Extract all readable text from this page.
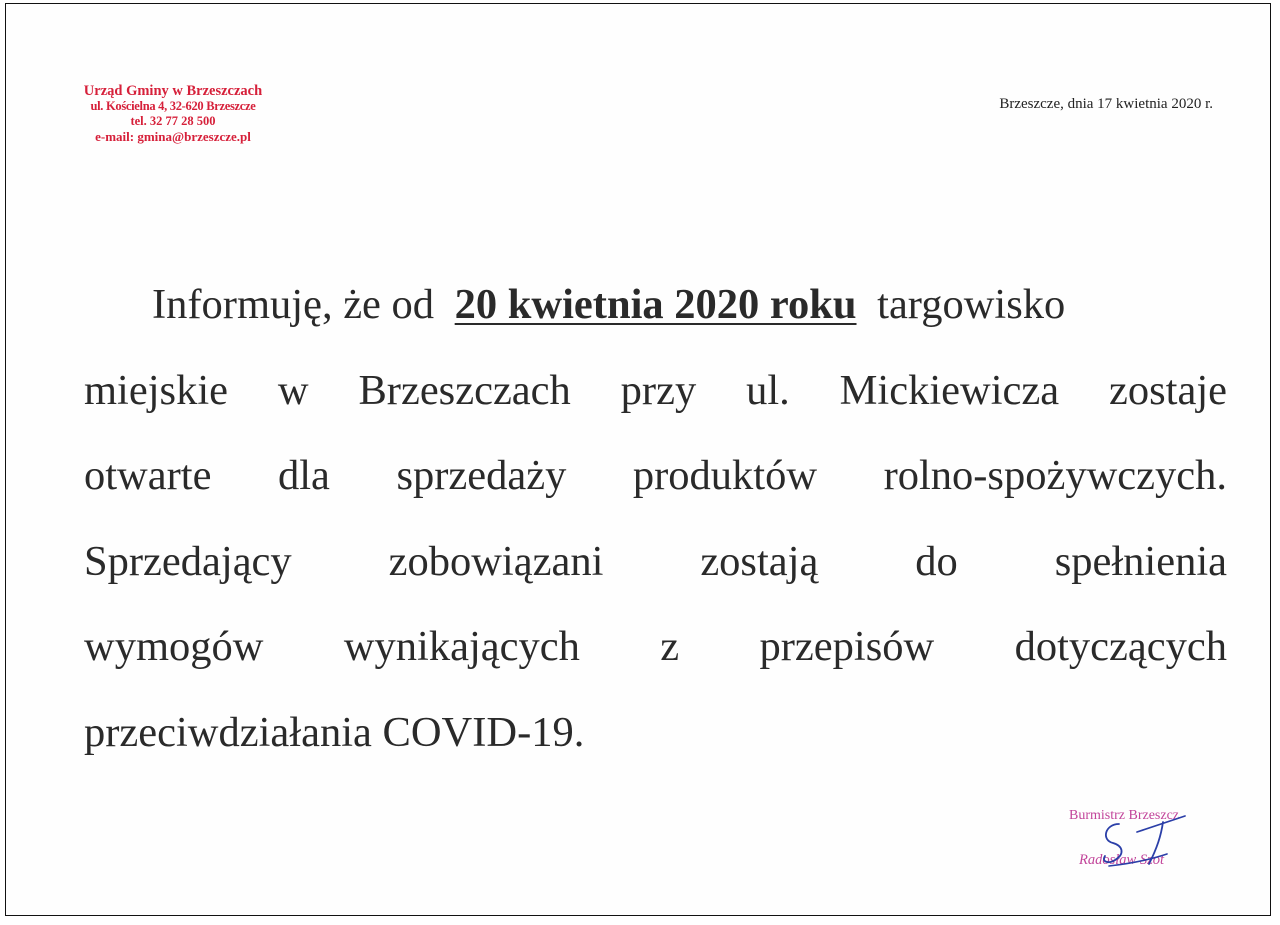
Urząd Gminy w Brzeszczach
ul. Kościelna 4, 32-620 Brzeszcze
tel. 32 77 28 500
e-mail: gmina@brzeszcze.pl
Brzeszcze, dnia 17 kwietnia 2020 r.
Informuję, że od 20 kwietnia 2020 roku targowisko
miejskie w Brzeszczach przy ul. Mickiewicza zostaje
otwarte dla sprzedaży produktów rolno-spożywczych.
Sprzedający zobowiązani zostają do spełnienia
wymogów wynikających z przepisów dotyczących
przeciwdziałania COVID-19.
Burmistrz Brzeszcz
Radosław Szot
